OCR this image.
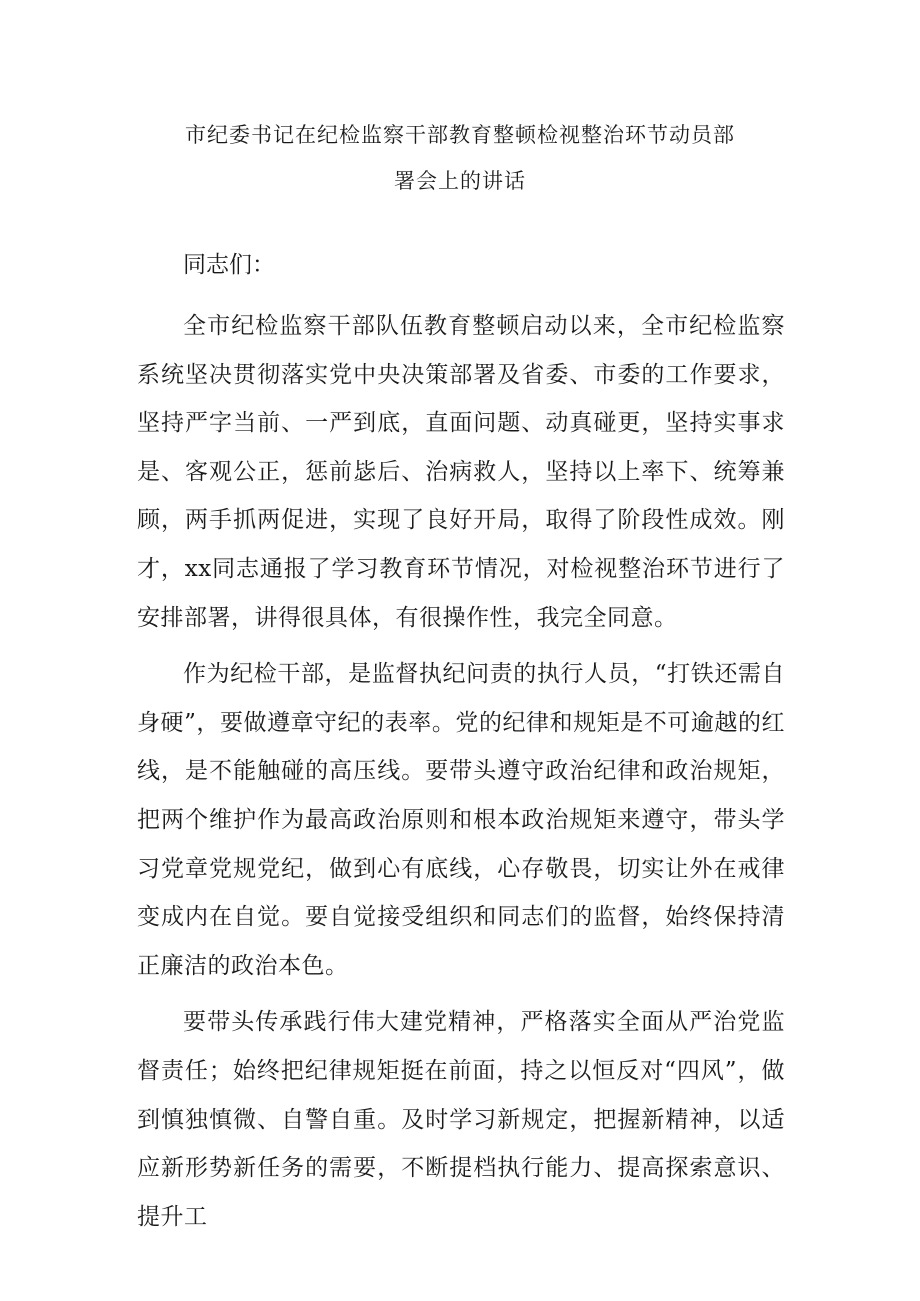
市纪委书记在纪检监察干部教育整顿检视整治环节动员部
署会上的讲话
同志们：

全市纪检监察干部队伍教育整顿启动以来，全市纪检监察系统坚决贯彻落实党中央决策部署及省委、市委的工作要求，坚持严字当前、一严到底，直面问题、动真碰更，坚持实事求是、客观公正，惩前毖后、治病救人，坚持以上率下、统筹兼顾，两手抓两促进，实现了良好开局，取得了阶段性成效。刚才，xx同志通报了学习教育环节情况，对检视整治环节进行了安排部署，讲得很具体，有很操作性，我完全同意。

作为纪检干部，是监督执纪问责的执行人员，“打铁还需自身硬”，要做遵章守纪的表率。党的纪律和规矩是不可逾越的红线，是不能触碰的高压线。要带头遵守政治纪律和政治规矩，把两个维护作为最高政治原则和根本政治规矩来遵守，带头学习党章党规党纪，做到心有底线，心存敬畏，切实让外在戒律变成内在自觉。要自觉接受组织和同志们的监督，始终保持清正廉洁的政治本色。

要带头传承践行伟大建党精神，严格落实全面从严治党监督责任；始终把纪律规矩挺在前面，持之以恒反对“四风”，做到慎独慎微、自警自重。及时学习新规定，把握新精神，以适应新形势新任务的需要，不断提档执行能力、提高探索意识、提升工
